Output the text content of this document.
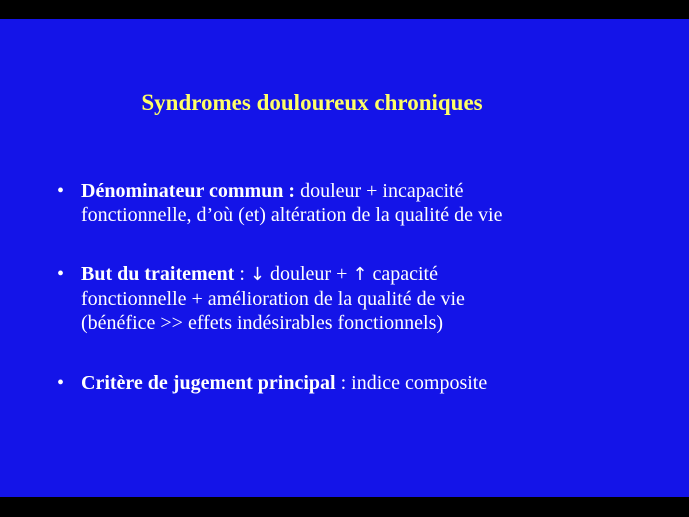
Syndromes douloureux chroniques
• Dénominateur commun : douleur + incapacité
fonctionnelle, d’où (et) altération de la qualité de vie
• But du traitement : ↓ douleur + ↑ capacité
fonctionnelle + amélioration de la qualité de vie
(bénéfice >> effets indésirables fonctionnels)
• Critère de jugement principal : indice composite
